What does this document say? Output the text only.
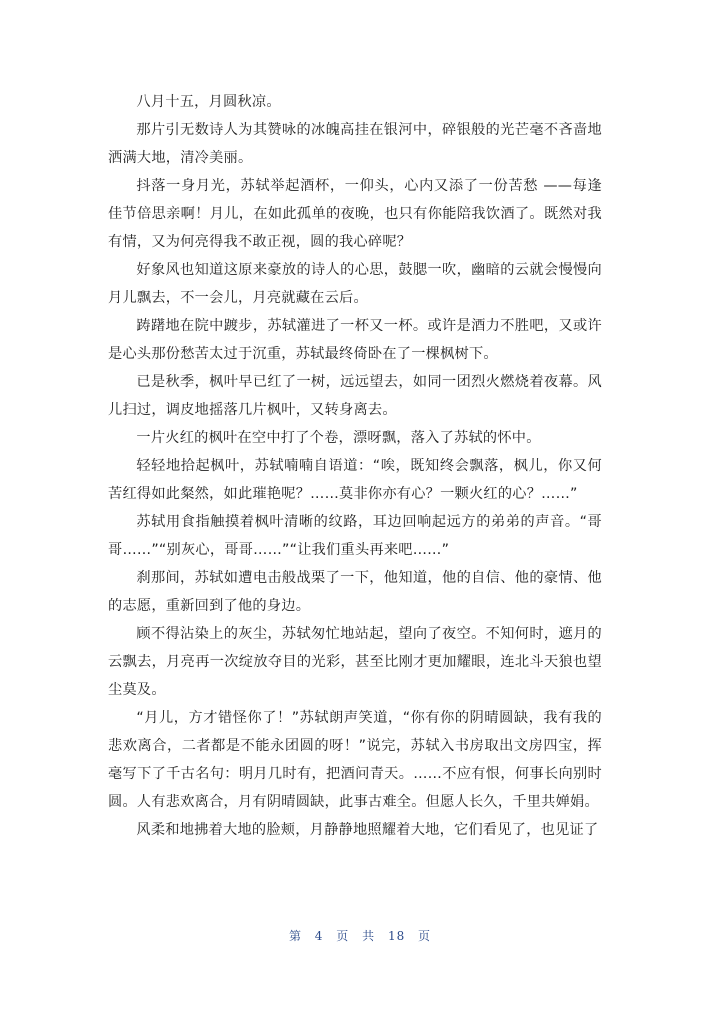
八月十五，月圆秋凉。

那片引无数诗人为其赞咏的冰魄高挂在银河中，碎银般的光芒毫不吝啬地洒满大地，清冷美丽。

抖落一身月光，苏轼举起酒杯，一仰头，心内又添了一份苦愁 ——每逢佳节倍思亲啊！月儿，在如此孤单的夜晚，也只有你能陪我饮酒了。既然对我有情，又为何亮得我不敢正视，圆的我心碎呢？

好象风也知道这原来豪放的诗人的心思，鼓腮一吹，幽暗的云就会慢慢向月儿飘去，不一会儿，月亮就藏在云后。

踌躇地在院中踱步，苏轼灌进了一杯又一杯。或许是酒力不胜吧，又或许是心头那份愁苦太过于沉重，苏轼最终倚卧在了一棵枫树下。

已是秋季，枫叶早已红了一树，远远望去，如同一团烈火燃烧着夜幕。风儿扫过，调皮地摇落几片枫叶，又转身离去。

一片火红的枫叶在空中打了个卷，漂呀飘，落入了苏轼的怀中。

轻轻地拾起枫叶，苏轼喃喃自语道：“唉，既知终会飘落，枫儿，你又何苦红得如此粲然，如此璀艳呢？……莫非你亦有心？一颗火红的心？……”

苏轼用食指触摸着枫叶清晰的纹路，耳边回响起远方的弟弟的声音。“哥哥……”“别灰心，哥哥……”“让我们重头再来吧……”

刹那间，苏轼如遭电击般战栗了一下，他知道，他的自信、他的豪情、他的志愿，重新回到了他的身边。

顾不得沾染上的灰尘，苏轼匆忙地站起，望向了夜空。不知何时，遮月的云飘去，月亮再一次绽放夺目的光彩，甚至比刚才更加耀眼，连北斗天狼也望尘莫及。

“月儿，方才错怪你了！”苏轼朗声笑道，“你有你的阴晴圆缺，我有我的悲欢离合，二者都是不能永团圆的呀！”说完，苏轼入书房取出文房四宝，挥毫写下了千古名句：明月几时有，把酒问青天。……不应有恨，何事长向别时圆。人有悲欢离合，月有阴晴圆缺，此事古难全。但愿人长久，千里共婵娟。

风柔和地拂着大地的脸颊，月静静地照耀着大地，它们看见了，也见证了

第 4 页 共 18 页
